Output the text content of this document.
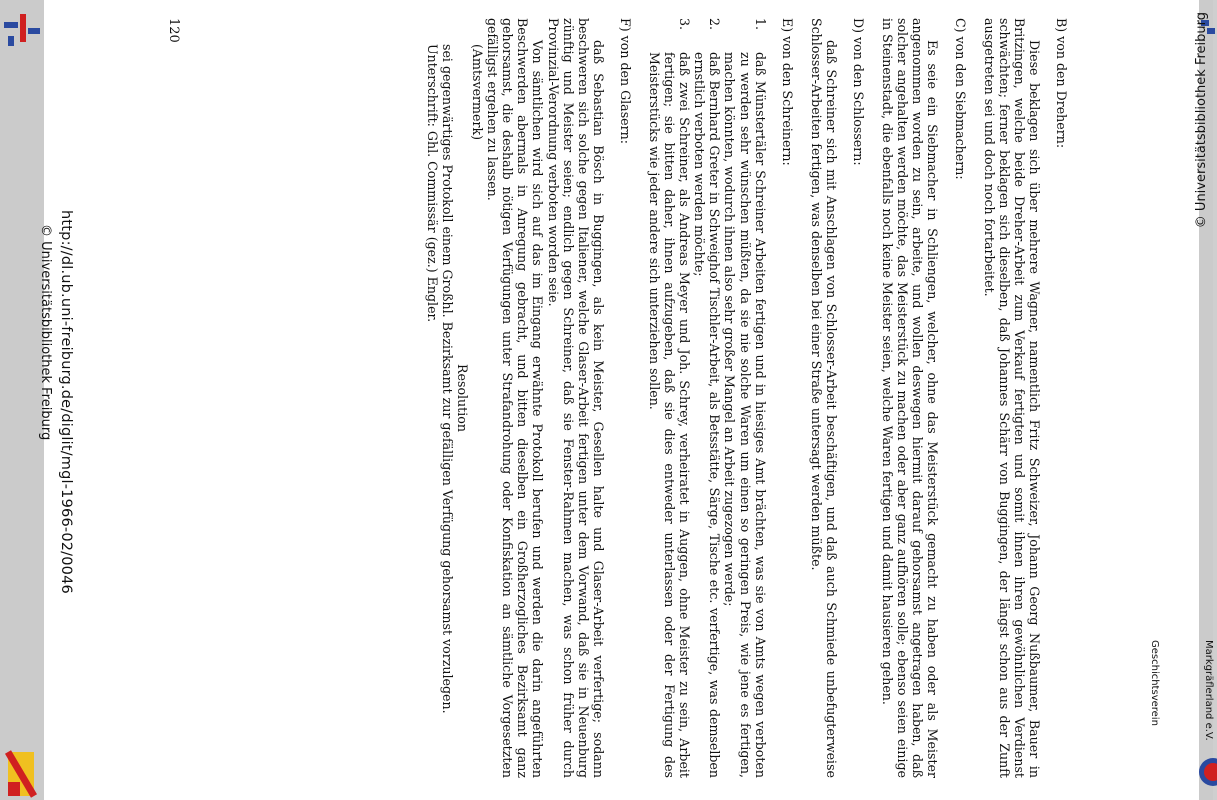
© Universitätsbibliothek Freiburg

B) von den Drehern:

Diese beklagen sich über mehrere Wagner, namentlich Fritz Schweizer, Johann Georg Nußbaumer, Bauer in Britzingen, welche beide Dreher-Arbeit zum Verkauf fertigten und somit ihnen ihren gewöhnlichen Verdienst schwächten; ferner beklagen sich dieselben, daß Johannes Schärr von Buggingen, der längst schon aus der Zunft ausgetreten sei und doch noch fortarbeitet.

C) von den Siebmachern:

Es seie ein Siebmacher in Schliengen, welcher, ohne das Meisterstück gemacht zu haben oder als Meister angenommen worden zu sein, arbeite, und wollen deswegen hiermit darauf gehorsamst angetragen haben, daß solcher angehalten werden möchte, das Meisterstück zu machen oder aber ganz aufhören solle; ebenso seien einige in Steinenstadt, die ebenfalls noch keine Meister seien, welche Waren fertigen und damit hausieren gehen.

D) von den Schlossern:

daß Schreiner sich mit Anschlagen von Schlosser-Arbeit beschäftigen, und daß auch Schmiede unbefugterweise Schlosser-Arbeiten fertigen, was denselben bei einer Straße untersagt werden müßte.

E) von den Schreinern:

1.
daß Münstertäler Schreiner Arbeiten fertigen und in hiesiges Amt brächten, was sie von Amts wegen verboten zu werden sehr wünschen müßten, da sie nie solche Waren um einen so geringen Preis, wie jene es fertigen, machen könnten, wodurch ihnen also sehr großer Mangel an Arbeit zugezogen werde;
2.
daß Bernhard Greter in Schweighof Tischler-Arbeit, als Betsstätte, Särge, Tische etc. verfertige, was demselben ernstlich verboten werden möchte;
3.
daß zwei Schreiner, als Andreas Meyer und Joh. Schrey, verheiratet in Auggen, ohne Meister zu sein, Arbeit fertigen; sie bitten daher, ihnen aufzugeben, daß sie dies entweder unterlassen oder der Fertigung des Meisterstücks wie jeder andere sich unterziehen sollen.

F) von den Glasern:

daß Sebastian Bösch in Buggingen, als kein Meister, Gesellen halte und Glaser-Arbeit verfertige; sodann beschweren sich solche gegen Italiener, welche Glaser-Arbeit fertigen unter dem Vorwand, daß sie in Neuenburg zünftig und Meister seien; endlich gegen Schreiner, daß sie Fenster-Rahmen machen, was schon früher durch Provinzial-Verordnung verboten worden seie.

Von sämtlichen wird sich auf das im Eingang erwähnte Protokoll berufen und werden die darin angeführten Beschwerden abermals in Anregung gebracht, und bitten dieselben ein Großherzogliches Bezirksamt ganz gehorsamst, die deshalb nötigen Verfügungen unter Strafandrohung oder Konfiskation an sämtliche Vorgesetzten gefälligst ergehen zu lassen.

(Amtsvermerk)

Resolution

sei gegenwärtiges Protokoll einem Großhl. Bezirksamt zur gefälligen Verfügung gehorsamst vorzulegen.

Unterschrift: Ghl. Commissär (gez.) Engler.

120
http://dl.ub.uni-freiburg.de/diglit/mgl-1966-02/0046
© Universitätsbibliothek Freiburg
Geschichtsverein	Markgräflerland e.V.
